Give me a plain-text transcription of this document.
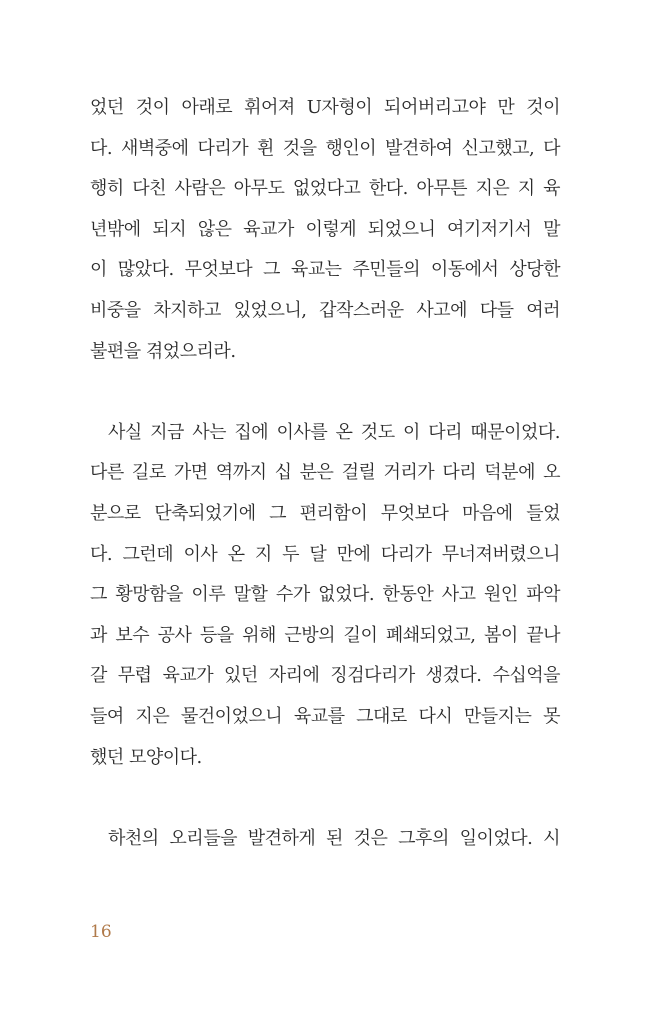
었던 것이 아래로 휘어져 U자형이 되어버리고야 만 것이
다. 새벽중에 다리가 휜 것을 행인이 발견하여 신고했고, 다
행히 다친 사람은 아무도 없었다고 한다. 아무튼 지은 지 육
년밖에 되지 않은 육교가 이렇게 되었으니 여기저기서 말
이 많았다. 무엇보다 그 육교는 주민들의 이동에서 상당한
비중을 차지하고 있었으니, 갑작스러운 사고에 다들 여러
불편을 겪었으리라.
사실 지금 사는 집에 이사를 온 것도 이 다리 때문이었다.
다른 길로 가면 역까지 십 분은 걸릴 거리가 다리 덕분에 오
분으로 단축되었기에 그 편리함이 무엇보다 마음에 들었
다. 그런데 이사 온 지 두 달 만에 다리가 무너져버렸으니
그 황망함을 이루 말할 수가 없었다. 한동안 사고 원인 파악
과 보수 공사 등을 위해 근방의 길이 폐쇄되었고, 봄이 끝나
갈 무렵 육교가 있던 자리에 징검다리가 생겼다. 수십억을
들여 지은 물건이었으니 육교를 그대로 다시 만들지는 못
했던 모양이다.
하천의 오리들을 발견하게 된 것은 그후의 일이었다. 시
16
